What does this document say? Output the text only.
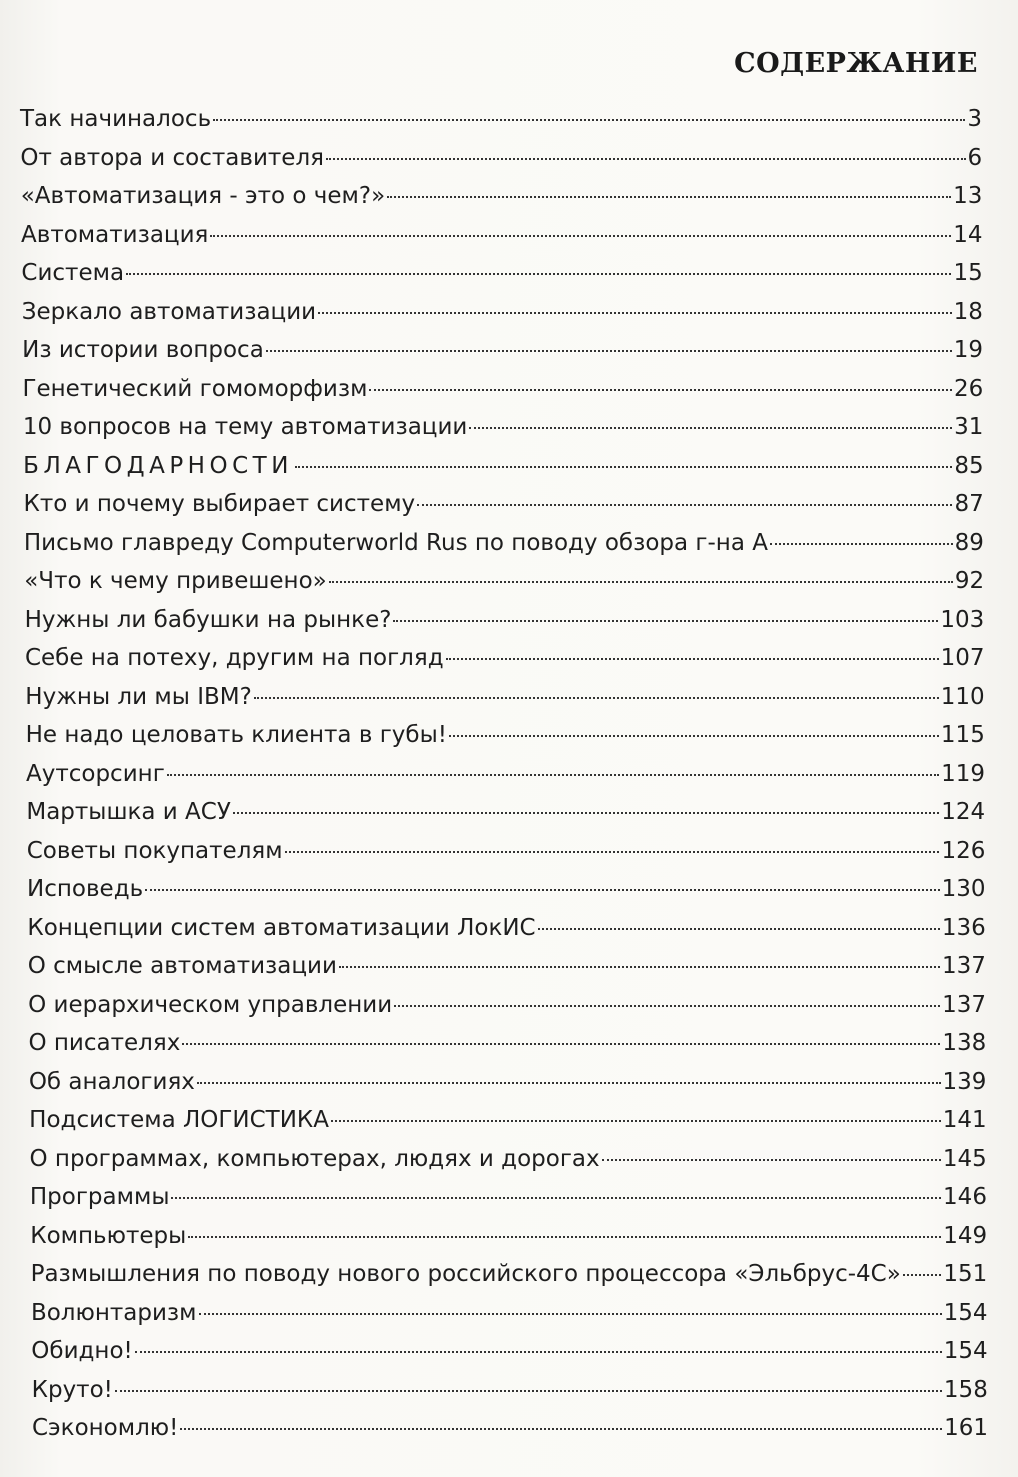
СОДЕРЖАНИЕ
Так начиналось	3
От автора и составителя	6
«Автоматизация - это о чем?»	13
Автоматизация	14
Система	15
Зеркало автоматизации	18
Из истории вопроса	19
Генетический гомоморфизм	26
10 вопросов на тему автоматизации	31
БЛАГОДАРНОСТИ	85
Кто и почему выбирает систему	87
Письмо главреду Computerworld Rus по поводу обзора г-на А	89
«Что к чему привешено»	92
Нужны ли бабушки на рынке?	103
Себе на потеху, другим на погляд	107
Нужны ли мы IBM?	110
Не надо целовать клиента в губы!	115
Аутсорсинг	119
Мартышка и АСУ	124
Советы покупателям	126
Исповедь	130
Концепции систем автоматизации ЛокИС	136
О смысле автоматизации	137
О иерархическом управлении	137
О писателях	138
Об аналогиях	139
Подсистема ЛОГИСТИКА	141
О программах, компьютерах, людях и дорогах	145
Программы	146
Компьютеры	149
Размышления по поводу нового российского процессора «Эльбрус-4С» 151
Волюнтаризм	154
Обидно!	154
Круто!	158
Сэкономлю!	161
